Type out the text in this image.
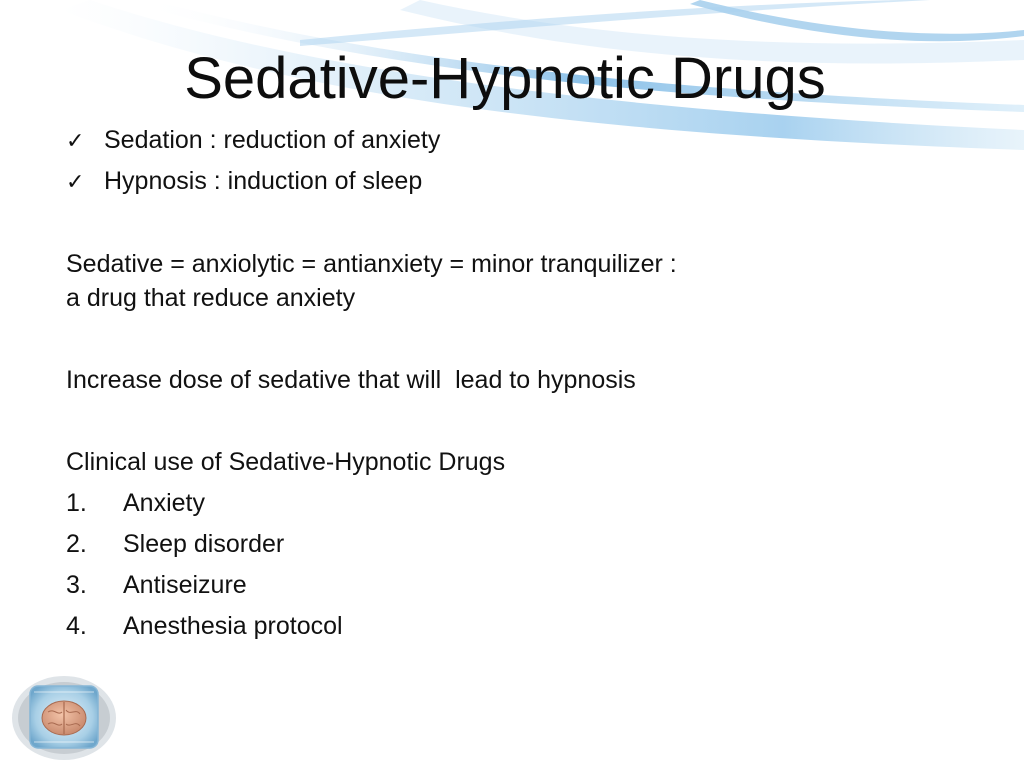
Sedative-Hypnotic Drugs
✓ Sedation : reduction of anxiety
✓ Hypnosis : induction of sleep

Sedative = anxiolytic = antianxiety = minor tranquilizer :
a drug that reduce anxiety

Increase dose of sedative that will  lead to hypnosis

Clinical use of Sedative-Hypnotic Drugs

1.	Anxiety
2.	Sleep disorder
3.	Antiseizure
4.	Anesthesia protocol
